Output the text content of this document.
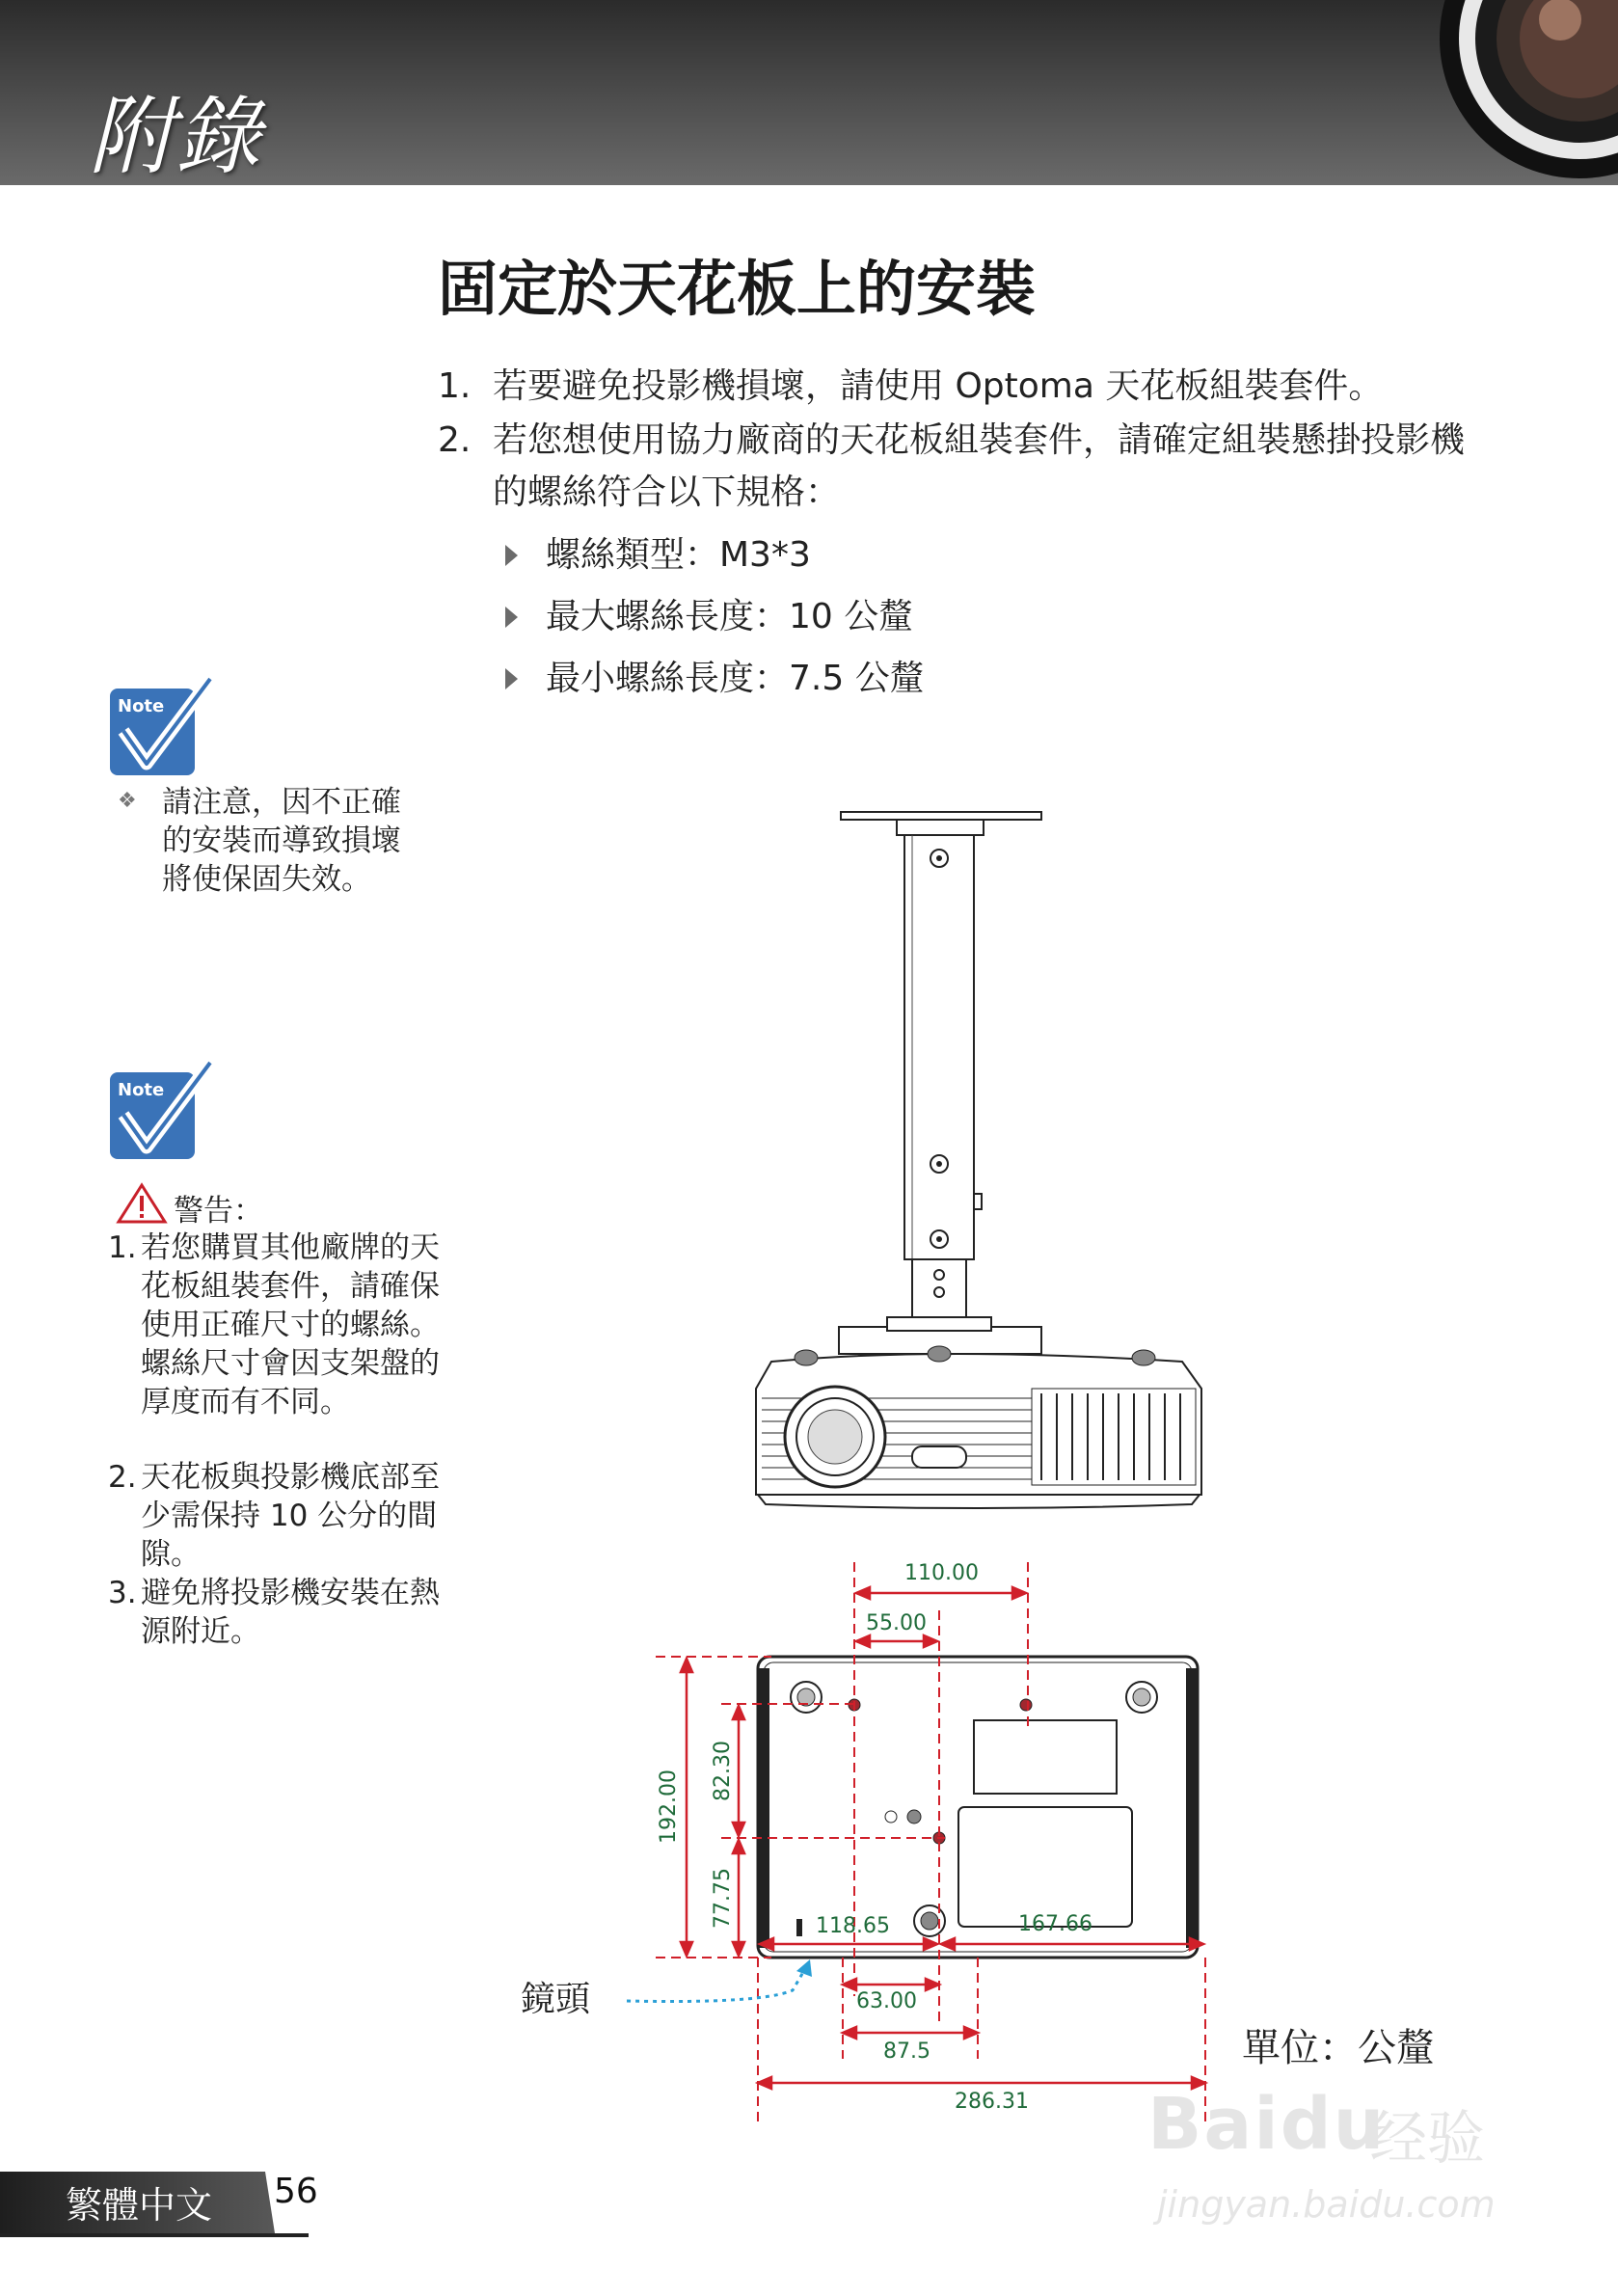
附錄
固定於天花板上的安裝
1. 若要避免投影機損壞，請使用 Optoma 天花板組裝套件。
2. 若您想使用協力廠商的天花板組裝套件，請確定組裝懸掛投影機的螺絲符合以下規格：
螺絲類型：M3*3
最大螺絲長度：10 公釐
最小螺絲長度：7.5 公釐
Note
❖ 請注意，因不正確的安裝而導致損壞將使保固失效。
Note
警告：
1. 若您購買其他廠牌的天花板組裝套件，請確保使用正確尺寸的螺絲。螺絲尺寸會因支架盤的厚度而有不同。
2. 天花板與投影機底部至少需保持 10 公分的間隙。
3. 避免將投影機安裝在熱源附近。
110.00
55.00
192.00 82.30
77.75	118.65	167.66
63.00
87.5
286.31
鏡頭
單位：公釐
繁體中文 56
Baidu
经验
jingyan.baidu.com
